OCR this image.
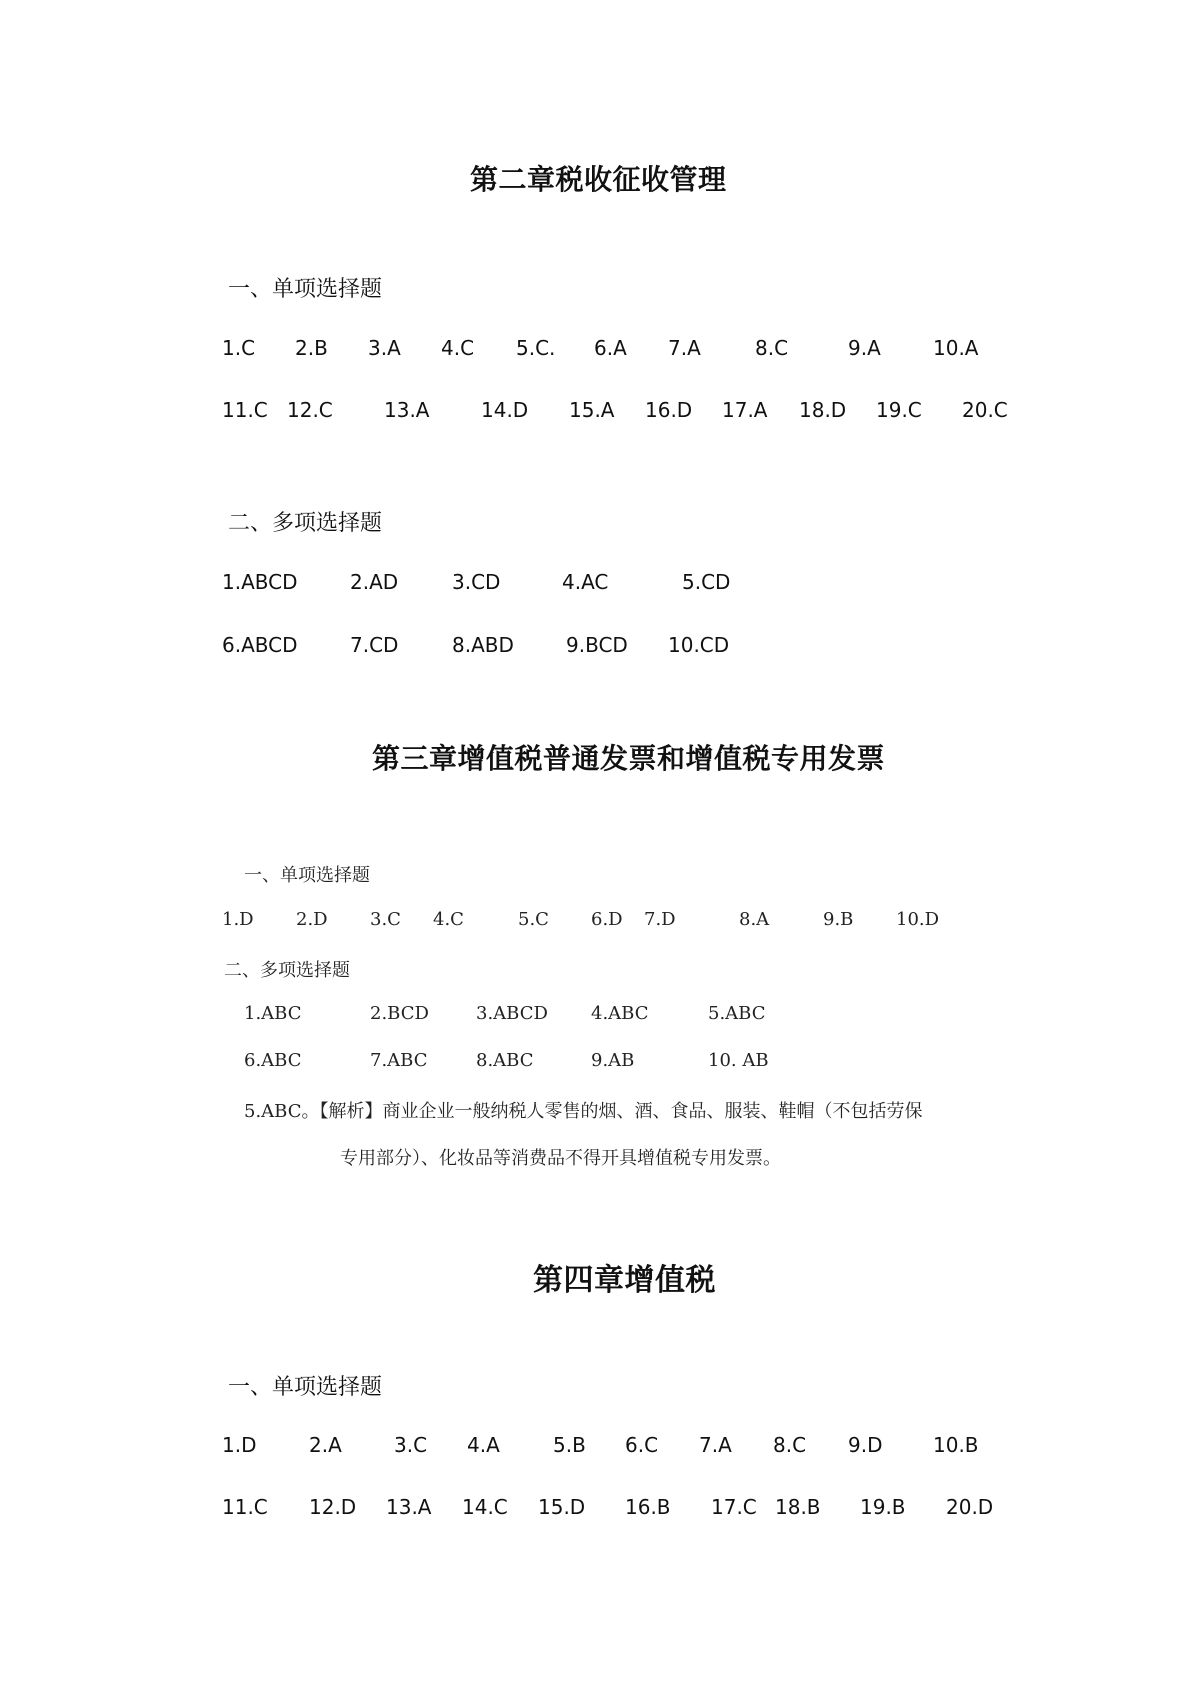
第二章税收征收管理
一、单项选择题
1.C 2.B 3.A 4.C 5.C. 6.A 7.A	8.C	9.A	10.A
11.C 12.C	13.A	14.D 15.A 16.D 17.A 18.D 19.C 20.C
二、多项选择题
1.ABCD	2.AD	3.CD	4.AC	5.CD
6.ABCD	7.CD	8.ABD	9.BCD 10.CD
第三章增值税普通发票和增值税专用发票
一、单项选择题
1.D 2.D 3.C 4.C	5.C 6.D 7.D	8.A	9.B 10.D
二、多项选择题
1.ABC	2.BCD	3.ABCD 4.ABC	5.ABC
6.ABC	7.ABC	8.ABC	9.AB	10. AB
5.ABC。【解析】商业企业一般纳税人零售的烟、酒、食品、服装、鞋帽（不包括劳保
专用部分）、化妆品等消费品不得开具增值税专用发票。
第四章增值税
一、单项选择题
1.D	2.A	3.C 4.A	5.B 6.C 7.A 8.C 9.D	10.B
11.C 12.D 13.A 14.C 15.D 16.B 17.C 18.B 19.B 20.D
